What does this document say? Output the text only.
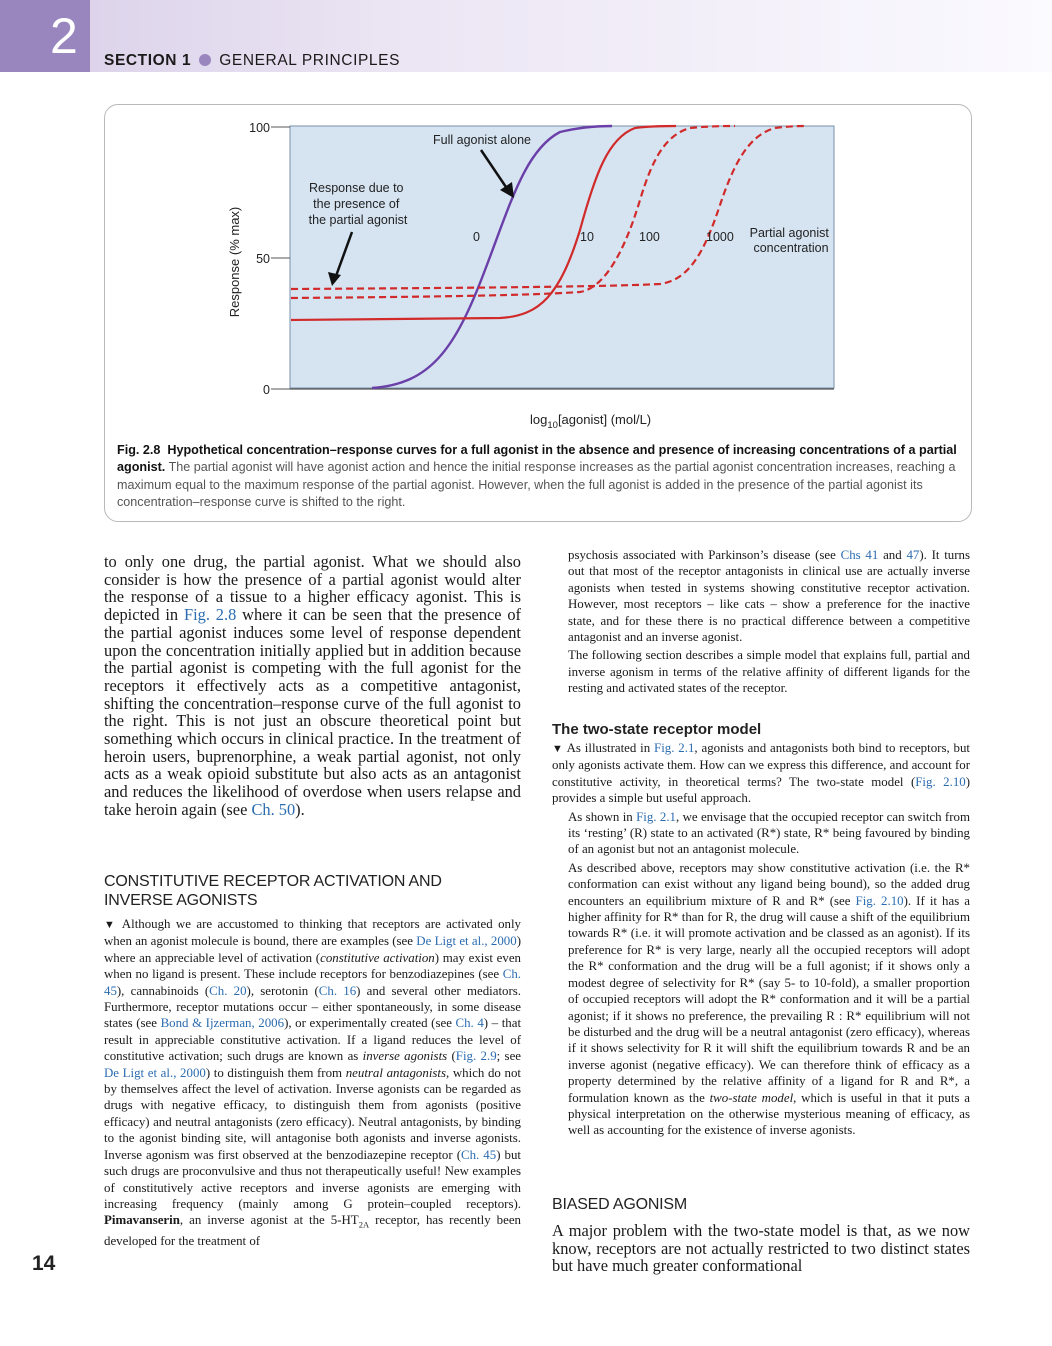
2 SECTION 1 GENERAL PRINCIPLES
100
50
0
Response (% max)
$\log_{10}[agonist]$ (mol/L)
Full agonist alone
Response due to the presence of the partial agonist
0	10	100	1000 Partial agonist concentration
Fig. 2.8 Hypothetical concentration–response curves for a full agonist in the absence and presence of increasing concentrations of a partial agonist. The partial agonist will have agonist action and hence the initial response increases as the partial agonist concentration increases, reaching a maximum equal to the maximum response of the partial agonist. However, when the full agonist is added in the presence of the partial agonist its concentration–response curve is shifted to the right.

to only one drug, the partial agonist. What we should also consider is how the presence of a partial agonist would alter the response of a tissue to a higher efficacy agonist. This is depicted in Fig. 2.8 where it can be seen that the presence of the partial agonist induces some level of response dependent upon the concentration initially applied but in addition because the partial agonist is competing with the full agonist for the receptors it effectively acts as a competitive antagonist, shifting the concentration–response curve of the full agonist to the right. This is not just an obscure theoretical point but something which occurs in clinical practice. In the treatment of heroin users, buprenorphine, a weak partial agonist, not only acts as a weak opioid substitute but also acts as an antagonist and reduces the likelihood of overdose when users relapse and take heroin again (see Ch. 50).

CONSTITUTIVE RECEPTOR ACTIVATION AND
INVERSE AGONISTS

▼ Although we are accustomed to thinking that receptors are activated only when an agonist molecule is bound, there are examples (see De Ligt et al., 2000) where an appreciable level of activation (constitutive activation) may exist even when no ligand is present. These include receptors for benzodiazepines (see Ch. 45), cannabinoids (Ch. 20), serotonin (Ch. 16) and several other mediators. Furthermore, receptor mutations occur – either spontaneously, in some disease states (see Bond & Ijzerman, 2006), or experimentally created (see Ch. 4) – that result in appreciable constitutive activation. If a ligand reduces the level of constitutive activation; such drugs are known as inverse agonists (Fig. 2.9; see De Ligt et al., 2000) to distinguish them from neutral antagonists, which do not by themselves affect the level of activation. Inverse agonists can be regarded as drugs with negative efficacy, to distinguish them from agonists (positive efficacy) and neutral antagonists (zero efficacy). Neutral antagonists, by binding to the agonist binding site, will antagonise both agonists and inverse agonists. Inverse agonism was first observed at the benzodiazepine receptor (Ch. 45) but such drugs are proconvulsive and thus not therapeutically useful! New examples of constitutively active receptors and inverse agonists are emerging with increasing frequency (mainly among G protein–coupled receptors). Pimavanserin, an inverse agonist at the $5-HT_{2A}$ receptor, has recently been developed for the treatment of

14

psychosis associated with Parkinson’s disease (see Chs 41 and 47). It turns out that most of the receptor antagonists in clinical use are actually inverse agonists when tested in systems showing constitutive receptor activation. However, most receptors – like cats – show a preference for the inactive state, and for these there is no practical difference between a competitive antagonist and an inverse agonist.

The following section describes a simple model that explains full, partial and inverse agonism in terms of the relative affinity of different ligands for the resting and activated states of the receptor.

The two-state receptor model

▼ As illustrated in Fig. 2.1, agonists and antagonists both bind to receptors, but only agonists activate them. How can we express this difference, and account for constitutive activity, in theoretical terms? The two-state model (Fig. 2.10) provides a simple but useful approach.

As shown in Fig. 2.1, we envisage that the occupied receptor can switch from its ‘resting’ (R) state to an activated (R*) state, R* being favoured by binding of an agonist but not an antagonist molecule.

As described above, receptors may show constitutive activation (i.e. the R* conformation can exist without any ligand being bound), so the added drug encounters an equilibrium mixture of R and R* (see Fig. 2.10). If it has a higher affinity for R* than for R, the drug will cause a shift of the equilibrium towards R* (i.e. it will promote activation and be classed as an agonist). If its preference for R* is very large, nearly all the occupied receptors will adopt the R* conformation and the drug will be a full agonist; if it shows only a modest degree of selectivity for R* (say 5- to 10-fold), a smaller proportion of occupied receptors will adopt the R* conformation and it will be a partial agonist; if it shows no preference, the prevailing R : R* equilibrium will not be disturbed and the drug will be a neutral antagonist (zero efficacy), whereas if it shows selectivity for R it will shift the equilibrium towards R and be an inverse agonist (negative efficacy). We can therefore think of efficacy as a property determined by the relative affinity of a ligand for R and R*, a formulation known as the two-state model, which is useful in that it puts a physical interpretation on the otherwise mysterious meaning of efficacy, as well as accounting for the existence of inverse agonists.

BIASED AGONISM

A major problem with the two-state model is that, as we now know, receptors are not actually restricted to two distinct states but have much greater conformational
